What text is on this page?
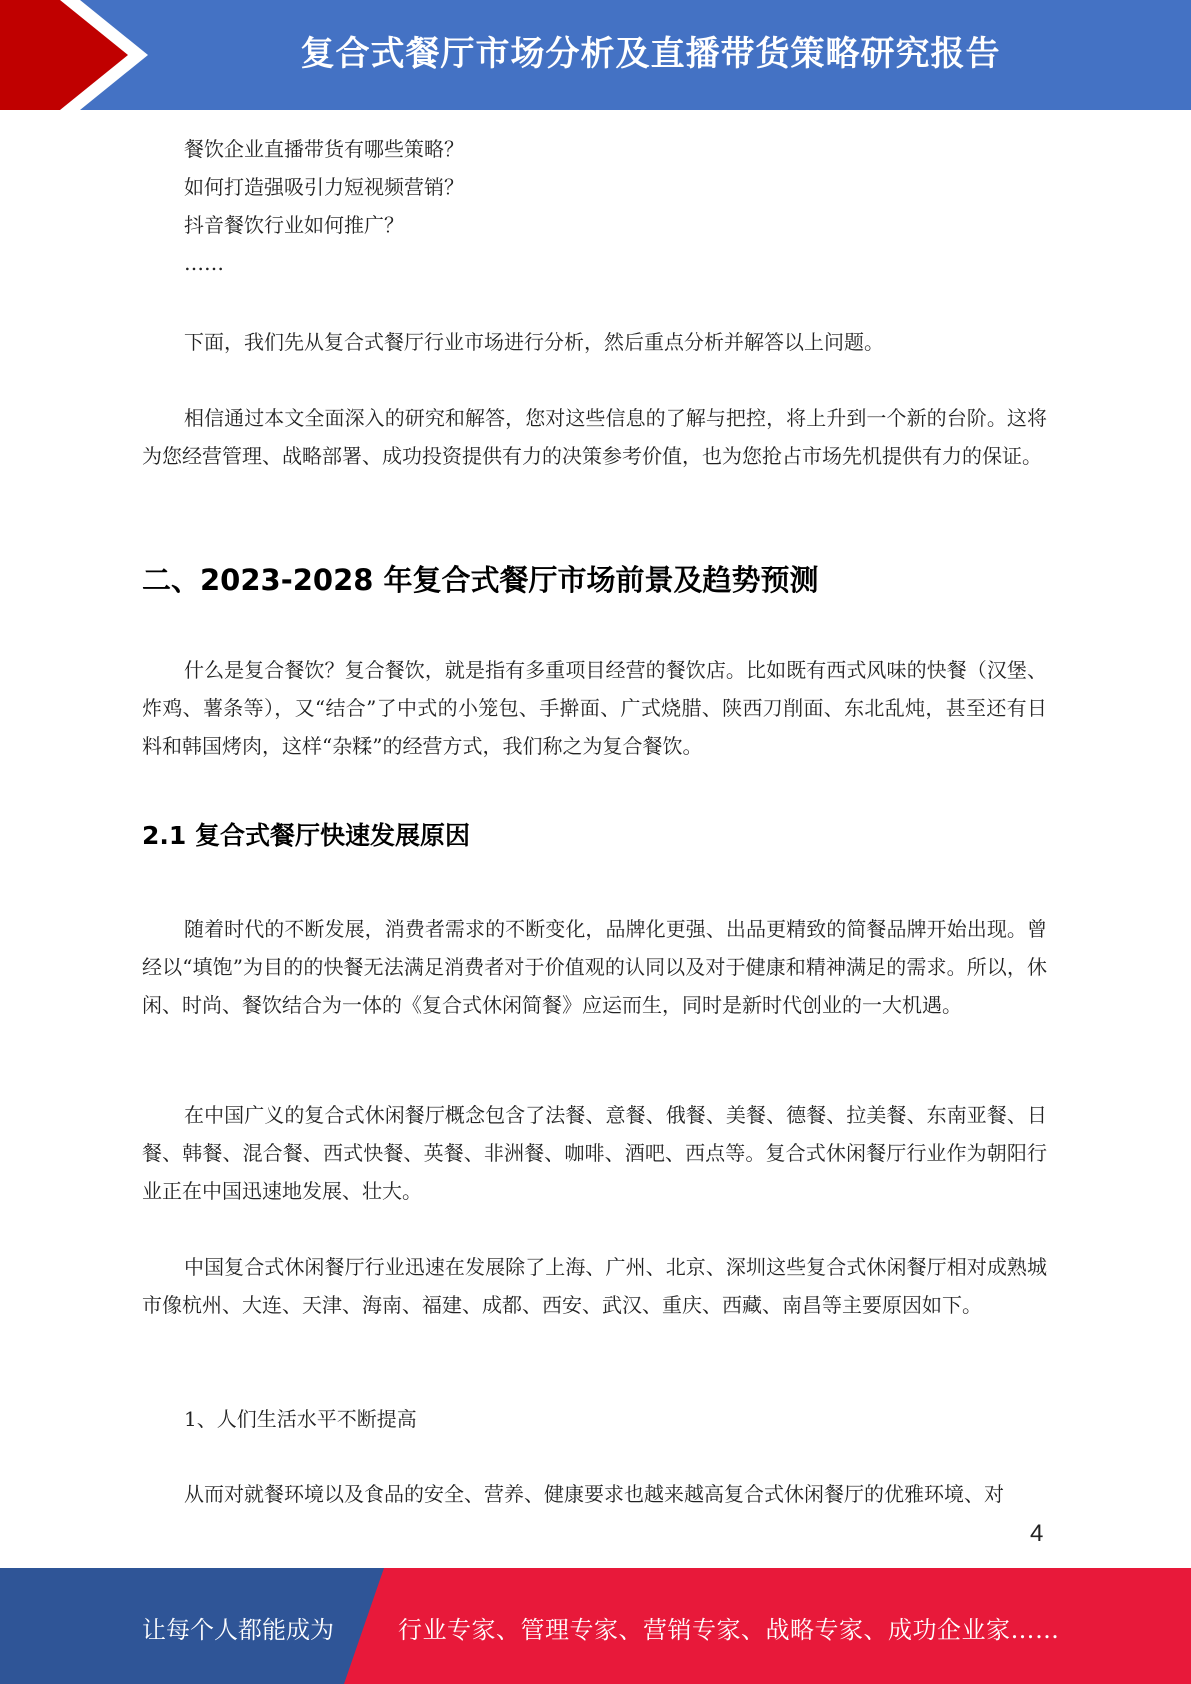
复合式餐厅市场分析及直播带货策略研究报告

餐饮企业直播带货有哪些策略？

如何打造强吸引力短视频营销？

抖音餐饮行业如何推广？

……

下面，我们先从复合式餐厅行业市场进行分析，然后重点分析并解答以上问题。

相信通过本文全面深入的研究和解答，您对这些信息的了解与把控，将上升到一个新的台阶。这将为您经营管理、战略部署、成功投资提供有力的决策参考价值，也为您抢占市场先机提供有力的保证。

二、2023-2028 年复合式餐厅市场前景及趋势预测

什么是复合餐饮？复合餐饮，就是指有多重项目经营的餐饮店。比如既有西式风味的快餐（汉堡、炸鸡、薯条等），又“结合”了中式的小笼包、手擀面、广式烧腊、陕西刀削面、东北乱炖，甚至还有日料和韩国烤肉，这样“杂糅”的经营方式，我们称之为复合餐饮。

2.1 复合式餐厅快速发展原因

随着时代的不断发展，消费者需求的不断变化，品牌化更强、出品更精致的简餐品牌开始出现。曾经以“填饱”为目的的快餐无法满足消费者对于价值观的认同以及对于健康和精神满足的需求。所以，休闲、时尚、餐饮结合为一体的《复合式休闲简餐》应运而生，同时是新时代创业的一大机遇。

在中国广义的复合式休闲餐厅概念包含了法餐、意餐、俄餐、美餐、德餐、拉美餐、东南亚餐、日餐、韩餐、混合餐、西式快餐、英餐、非洲餐、咖啡、酒吧、西点等。复合式休闲餐厅行业作为朝阳行业正在中国迅速地发展、壮大。

中国复合式休闲餐厅行业迅速在发展除了上海、广州、北京、深圳这些复合式休闲餐厅相对成熟城市像杭州、大连、天津、海南、福建、成都、西安、武汉、重庆、西藏、南昌等主要原因如下。

1、人们生活水平不断提高

从而对就餐环境以及食品的安全、营养、健康要求也越来越高复合式休闲餐厅的优雅环境、对

4
让每个人都能成为	行业专家、管理专家、营销专家、战略专家、成功企业家……
